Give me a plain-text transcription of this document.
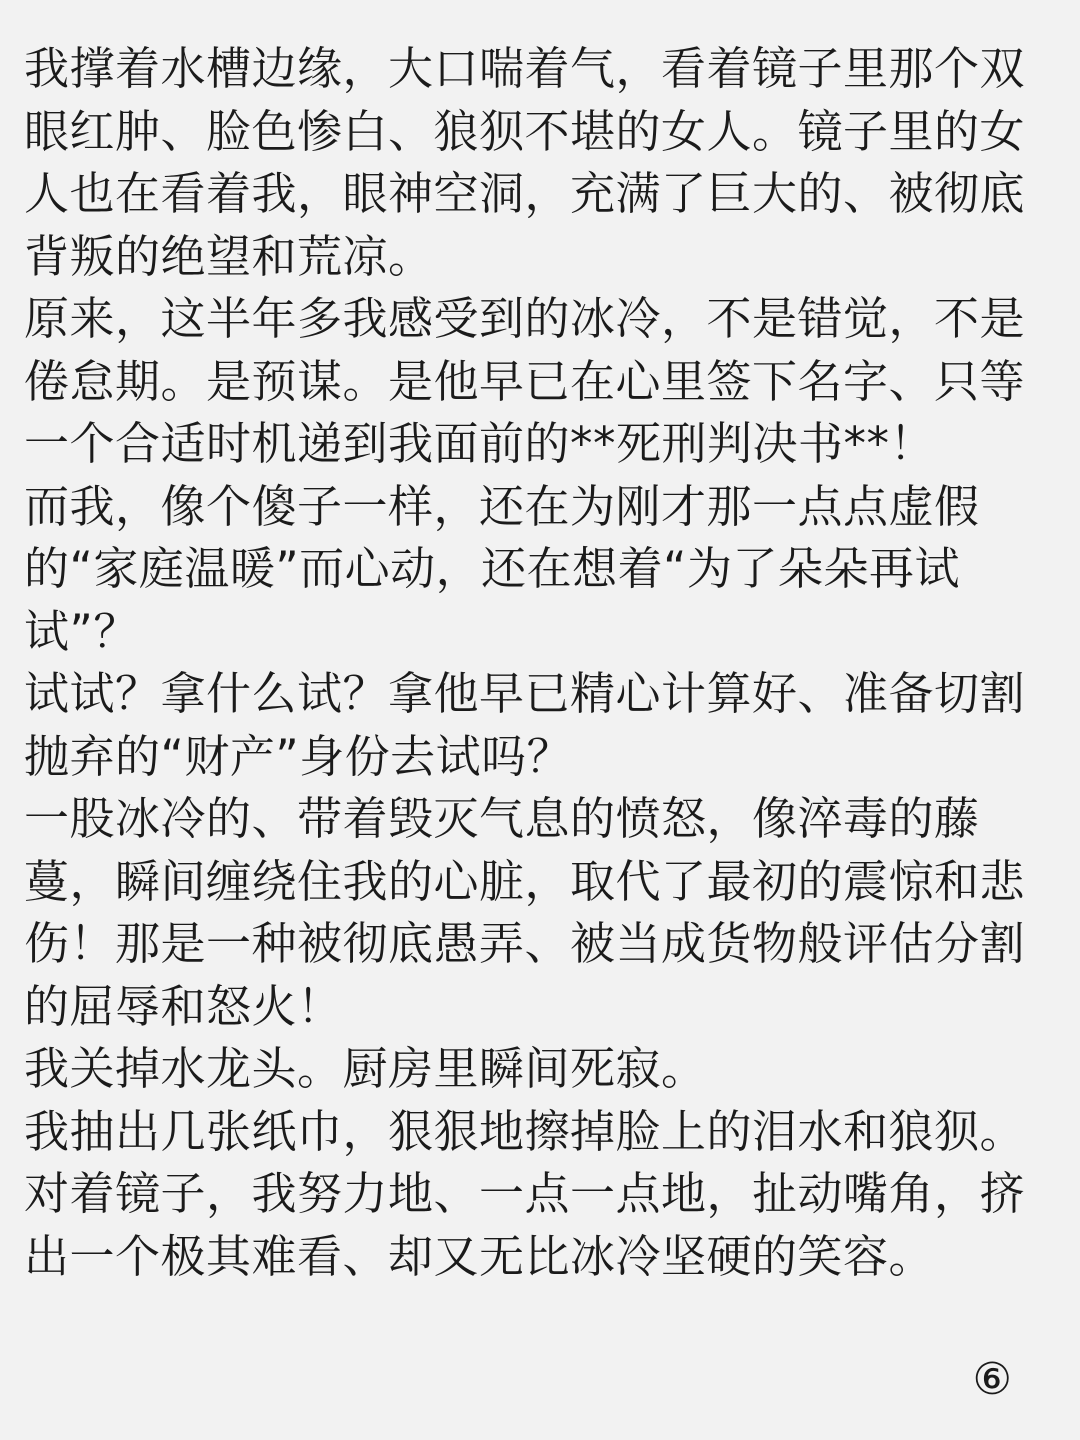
我撑着水槽边缘，大口喘着气，看着镜子里那个双眼红肿、脸色惨白、狼狈不堪的女人。镜子里的女人也在看着我，眼神空洞，充满了巨大的、被彻底背叛的绝望和荒凉。

原来，这半年多我感受到的冰冷，不是错觉，不是倦怠期。是预谋。是他早已在心里签下名字、只等一个合适时机递到我面前的**死刑判决书**！

而我，像个傻子一样，还在为刚才那一点点虚假的“家庭温暖”而心动，还在想着“为了朵朵再试试”？

试试？拿什么试？拿他早已精心计算好、准备切割抛弃的“财产”身份去试吗？

一股冰冷的、带着毁灭气息的愤怒，像淬毒的藤蔓，瞬间缠绕住我的心脏，取代了最初的震惊和悲伤！那是一种被彻底愚弄、被当成货物般评估分割的屈辱和怒火！

我关掉水龙头。厨房里瞬间死寂。

我抽出几张纸巾，狠狠地擦掉脸上的泪水和狼狈。对着镜子，我努力地、一点一点地，扯动嘴角，挤出一个极其难看、却又无比冰冷坚硬的笑容。

⑥
